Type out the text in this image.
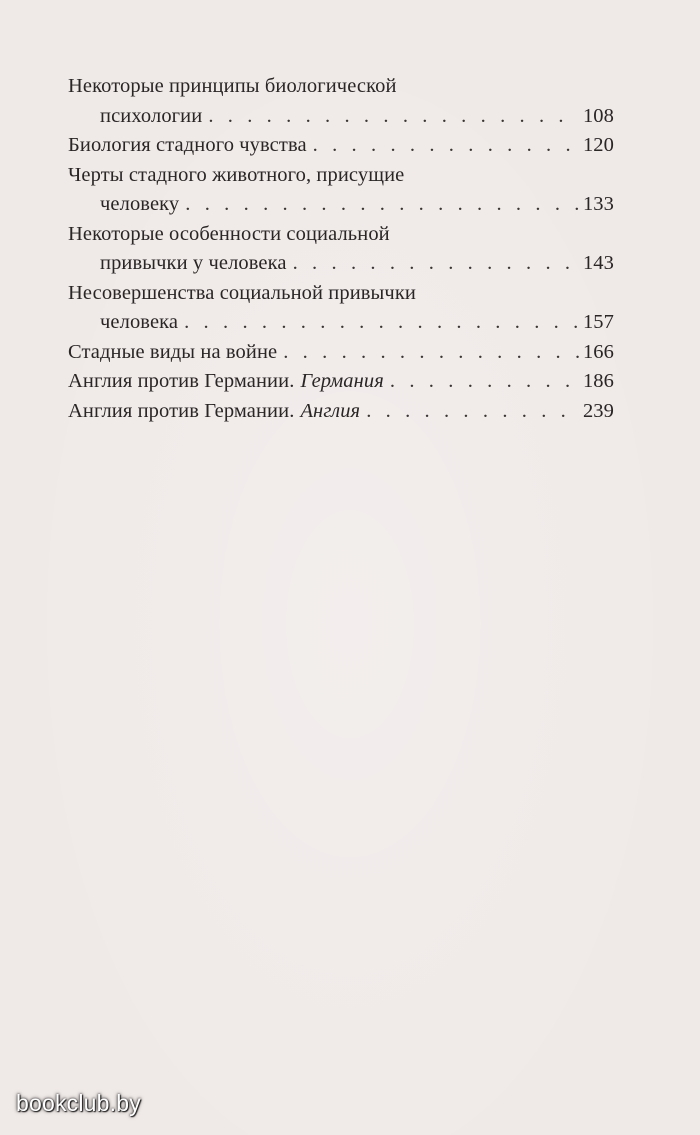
Некоторые принципы биологической
психологии . . .	108
Биология стадного чувства . . .	120
Черты стадного животного, присущие
человеку . . .	133
Некоторые особенности социальной
привычки у человека . . .	143
Несовершенства социальной привычки
человека . . .	157
Стадные виды на войне . . .	166
Англия против Германии. Германия . . .	186
Англия против Германии. Англия . . .	239
bookclub.by
